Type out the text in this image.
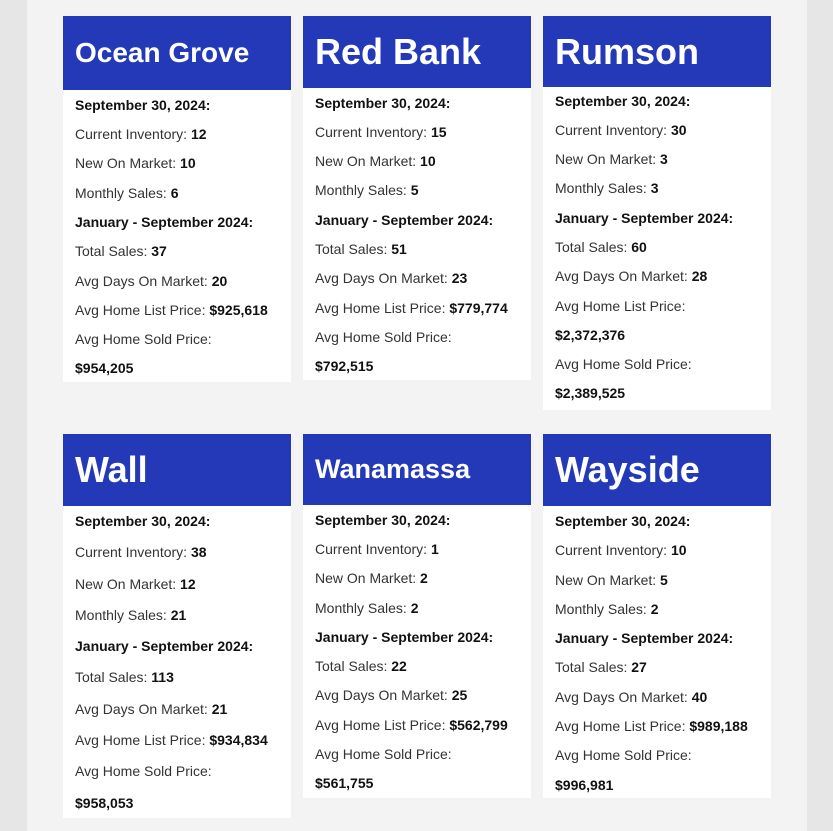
Ocean Grove
September 30, 2024:
Current Inventory: 12
New On Market: 10
Monthly Sales: 6
January - September 2024:
Total Sales: 37
Avg Days On Market: 20
Avg Home List Price: $925,618
Avg Home Sold Price:
$954,205
Red Bank
September 30, 2024:
Current Inventory: 15
New On Market: 10
Monthly Sales: 5
January - September 2024:
Total Sales: 51
Avg Days On Market: 23
Avg Home List Price: $779,774
Avg Home Sold Price:
$792,515
Rumson
September 30, 2024:
Current Inventory: 30
New On Market: 3
Monthly Sales: 3
January - September 2024:
Total Sales: 60
Avg Days On Market: 28
Avg Home List Price:
$2,372,376
Avg Home Sold Price:
$2,389,525
Wall
September 30, 2024:
Current Inventory: 38
New On Market: 12
Monthly Sales: 21
January - September 2024:
Total Sales: 113
Avg Days On Market: 21
Avg Home List Price: $934,834
Avg Home Sold Price:
$958,053
Wanamassa
September 30, 2024:
Current Inventory: 1
New On Market: 2
Monthly Sales: 2
January - September 2024:
Total Sales: 22
Avg Days On Market: 25
Avg Home List Price: $562,799
Avg Home Sold Price:
$561,755
Wayside
September 30, 2024:
Current Inventory: 10
New On Market: 5
Monthly Sales: 2
January - September 2024:
Total Sales: 27
Avg Days On Market: 40
Avg Home List Price: $989,188
Avg Home Sold Price:
$996,981
